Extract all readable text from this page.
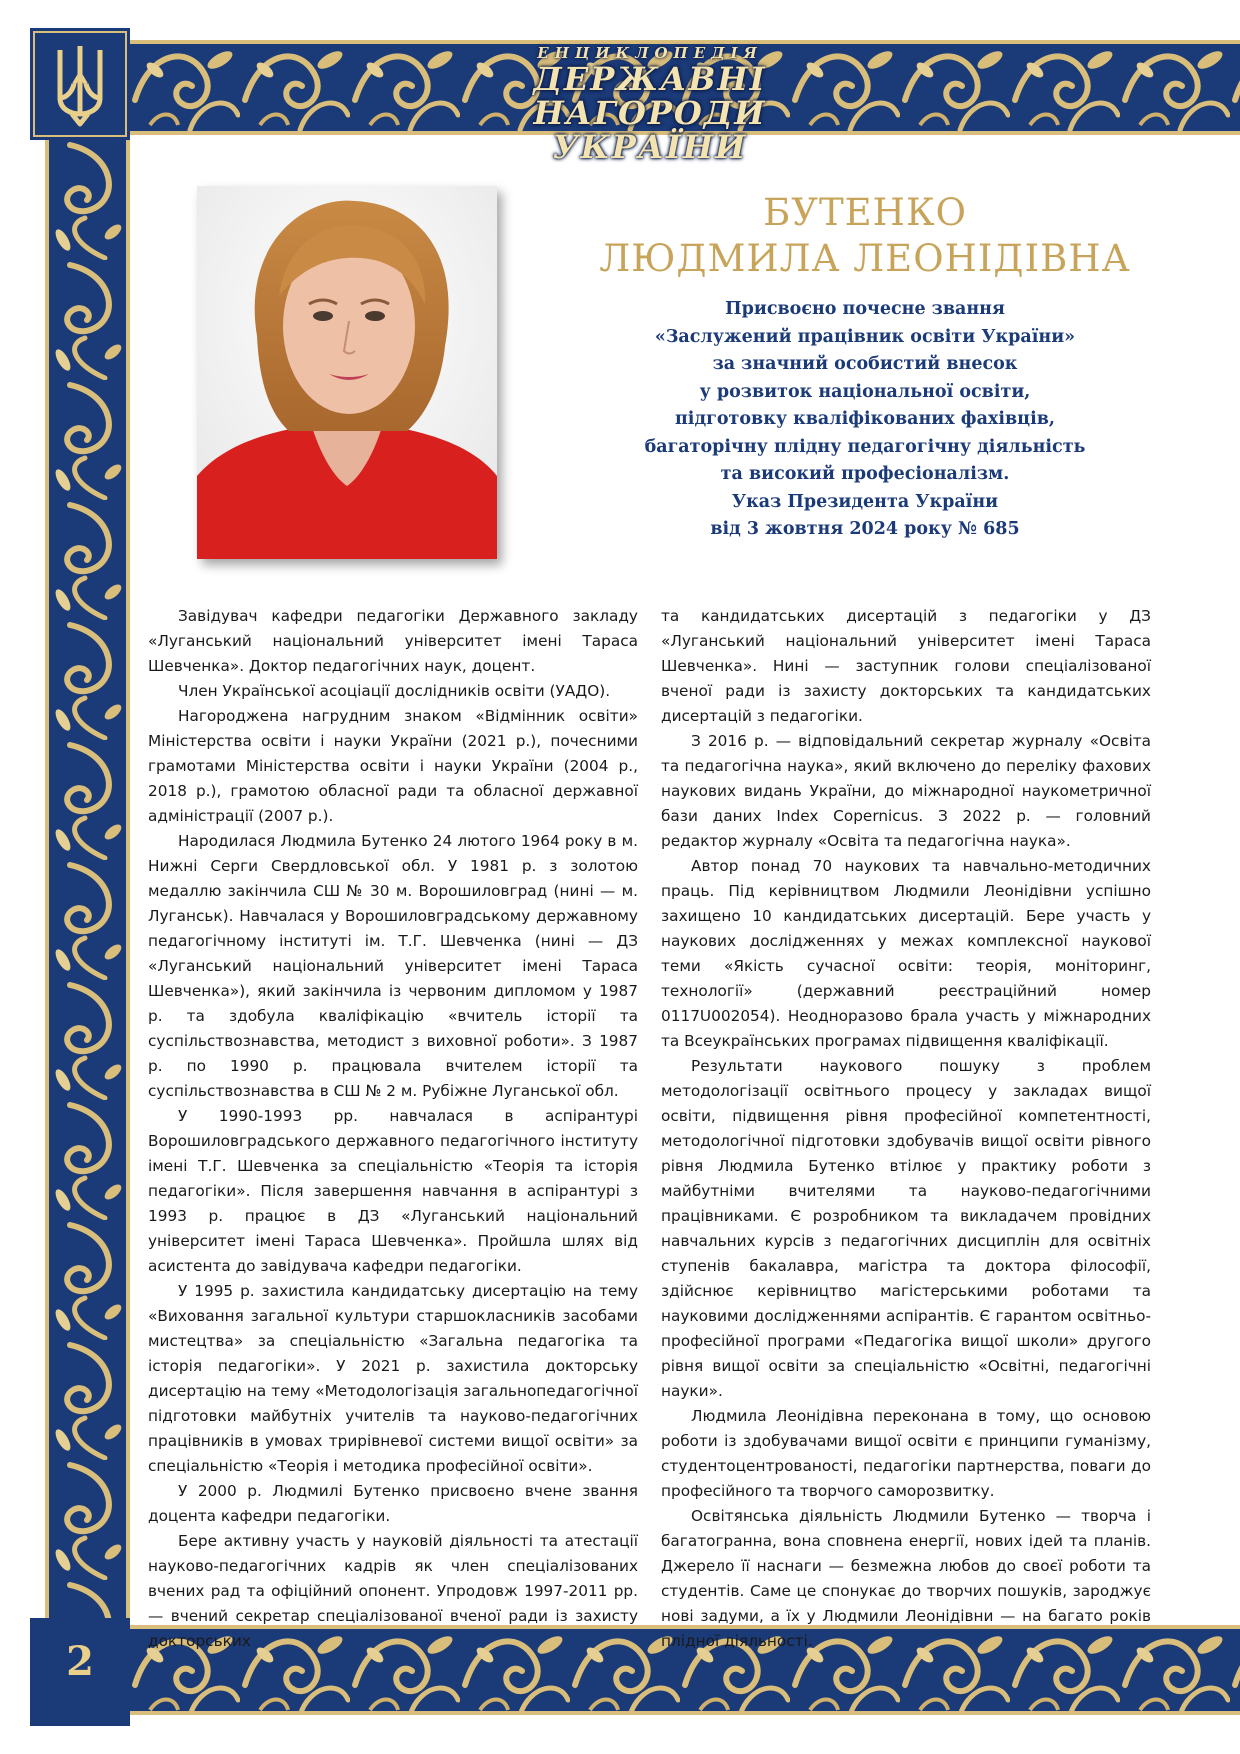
ЕНЦИКЛОПЕДІЯ
ДЕРЖАВНІ НАГОРОДИ
УКРАЇНИ
2
БУТЕНКО
ЛЮДМИЛА ЛЕОНІДІВНА
Присвоєно почесне звання
«Заслужений працівник освіти України»
за значний особистий внесок
у розвиток національної освіти,
підготовку кваліфікованих фахівців,
багаторічну плідну педагогічну діяльність
та високий професіоналізм.
Указ Президента України
від 3 жовтня 2024 року № 685

Завідувач кафедри педагогіки Державного закладу «Луганський національний університет імені Тараса Шевченка». Доктор педагогічних наук, доцент.

Член Української асоціації дослідників освіти (УАДО).

Нагороджена нагрудним знаком «Відмінник освіти» Міністерства освіти і науки України (2021 р.), почесними грамотами Міністерства освіти і науки України (2004 р., 2018 р.), грамотою обласної ради та обласної державної адміністрації (2007 р.).

Народилася Людмила Бутенко 24 лютого 1964 року в м. Нижні Серги Свердловської обл. У 1981 р. з золотою медаллю закінчила СШ № 30 м. Ворошиловград (нині — м. Луганськ). Навчалася у Ворошиловградському державному педагогічному інституті ім. Т.Г. Шевченка (нині — ДЗ «Луганський національний університет імені Тараса Шевченка»), який закінчила із червоним дипломом у 1987 р. та здобула кваліфікацію «вчитель історії та суспільствознавства, методист з виховної роботи». З 1987 р. по 1990 р. працювала вчителем історії та суспільствознавства в СШ № 2 м. Рубіжне Луганської обл.

У 1990-1993 рр. навчалася в аспірантурі Ворошиловградського державного педагогічного інституту імені Т.Г. Шевченка за спеціальністю «Теорія та історія педагогіки». Після завершення навчання в аспірантурі з 1993 р. працює в ДЗ «Луганський національний університет імені Тараса Шевченка». Пройшла шлях від асистента до завідувача кафедри педагогіки.

У 1995 р. захистила кандидатську дисертацію на тему «Виховання загальної культури старшокласників засобами мистецтва» за спеціальністю «Загальна педагогіка та історія педагогіки». У 2021 р. захистила докторську дисертацію на тему «Методологізація загальнопедагогічної підготовки майбутніх учителів та науково-педагогічних працівників в умовах трирівневої системи вищої освіти» за спеціальністю «Теорія і методика професійної освіти».

У 2000 р. Людмилі Бутенко присвоєно вчене звання доцента кафедри педагогіки.

Бере активну участь у науковій діяльності та атестації науково-педагогічних кадрів як член спеціалізованих вчених рад та офіційний опонент. Упродовж 1997-2011 рр. — вчений секретар спеціалізованої вченої ради із захисту докторських

та кандидатських дисертацій з педагогіки у ДЗ «Луганський національний університет імені Тараса Шевченка». Нині — заступник голови спеціалізованої вченої ради із захисту докторських та кандидатських дисертацій з педагогіки.

З 2016 р. — відповідальний секретар журналу «Освіта та педагогічна наука», який включено до переліку фахових наукових видань України, до міжнародної наукометричної бази даних Index Copernicus. З 2022 р. — головний редактор журналу «Освіта та педагогічна наука».

Автор понад 70 наукових та навчально-методичних праць. Під керівництвом Людмили Леонідівни успішно захищено 10 кандидатських дисертацій. Бере участь у наукових дослідженнях у межах комплексної наукової теми «Якість сучасної освіти: теорія, моніторинг, технології» (державний реєстраційний номер 0117U002054). Неодноразово брала участь у міжнародних та Всеукраїнських програмах підвищення кваліфікації.

Результати наукового пошуку з проблем методологізації освітнього процесу у закладах вищої освіти, підвищення рівня професійної компетентності, методологічної підготовки здобувачів вищої освіти рівного рівня Людмила Бутенко втілює у практику роботи з майбутніми вчителями та науково-педагогічними працівниками. Є розробником та викладачем провідних навчальних курсів з педагогічних дисциплін для освітніх ступенів бакалавра, магістра та доктора філософії, здійснює керівництво магістерськими роботами та науковими дослідженнями аспірантів. Є гарантом освітньо-професійної програми «Педагогіка вищої школи» другого рівня вищої освіти за спеціальністю «Освітні, педагогічні науки».

Людмила Леонідівна переконана в тому, що основою роботи із здобувачами вищої освіти є принципи гуманізму, студентоцентрованості, педагогіки партнерства, поваги до професійного та творчого саморозвитку.

Освітянська діяльність Людмили Бутенко — творча і багатогранна, вона сповнена енергії, нових ідей та планів. Джерело її наснаги — безмежна любов до своєї роботи та студентів. Саме це спонукає до творчих пошуків, зароджує нові задуми, а їх у Людмили Леонідівни — на багато років плідної діяльності.
